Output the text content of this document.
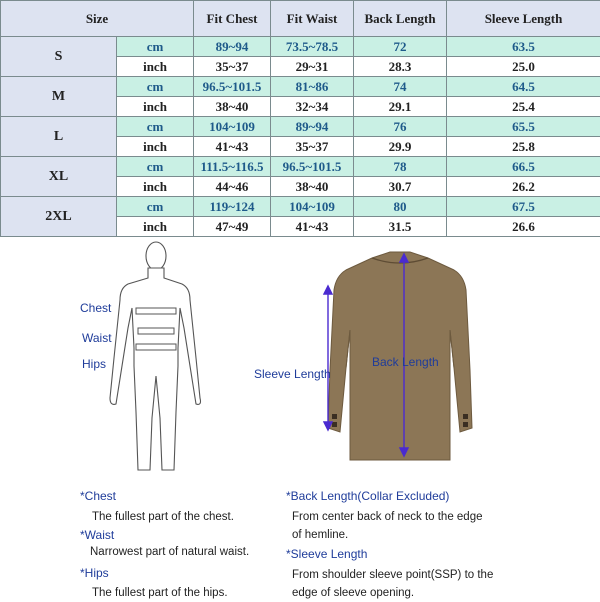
Size		Fit Chest	Fit Waist	Back Length	Sleeve Length
S	cm	89~94	73.5~78.5	72	63.5
	inch	35~37	29~31	28.3	25.0
M	cm	96.5~101.5	81~86	74	64.5
	inch	38~40	32~34	29.1	25.4
L	cm	104~109	89~94	76	65.5
	inch	41~43	35~37	29.9	25.8
XL	cm	111.5~116.5	96.5~101.5	78	66.5
	inch	44~46	38~40	30.7	26.2
2XL	cm	119~124	104~109	80	67.5
	inch	47~49	41~43	31.5	26.6
Chest
Waist
Hips
Sleeve Length
Back Length
*Chest
The fullest part of the chest.
*Waist
Narrowest part of natural waist.
*Hips
The fullest part of the hips.
*Back Length(Collar Excluded)
From center back of neck to the edge
of hemline.
*Sleeve Length
From shoulder sleeve point(SSP) to the
edge of sleeve opening.
